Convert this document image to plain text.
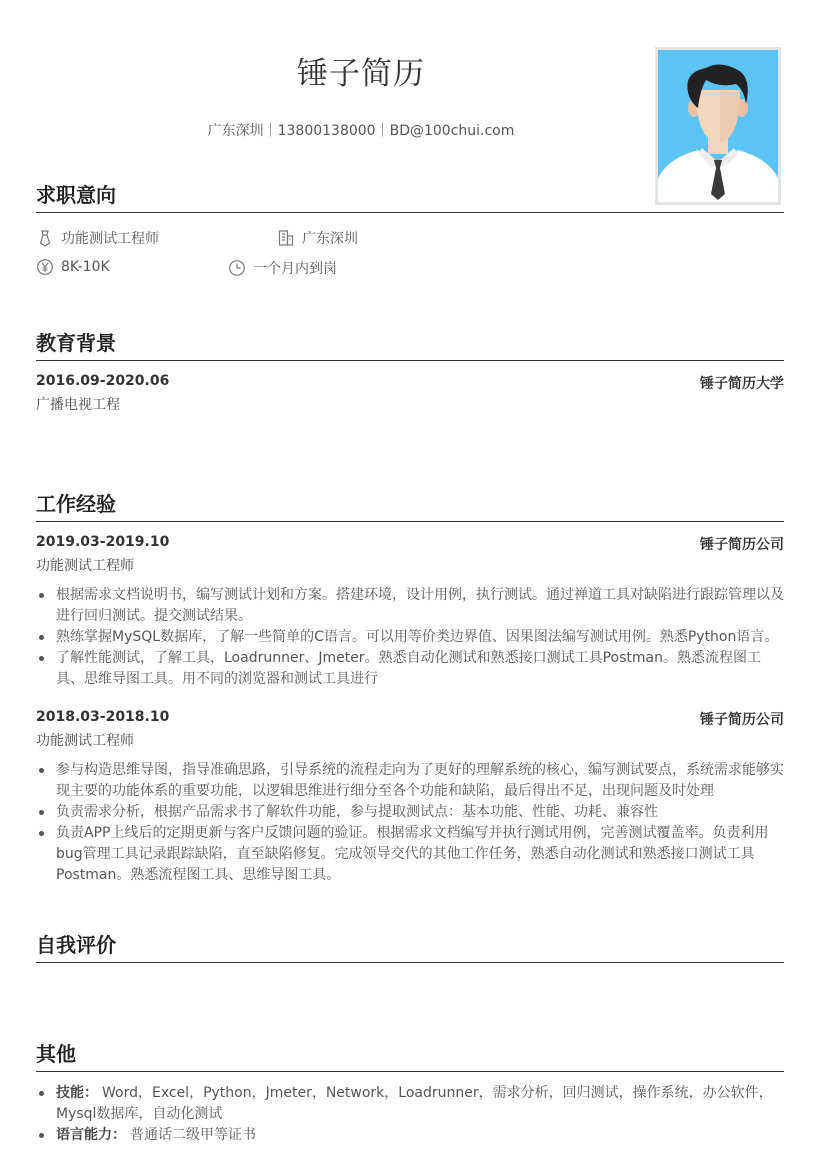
锤子简历
广东深圳｜13800138000｜BD@100chui.com
求职意向
功能测试工程师	广东深圳
8K-10K	一个月内到岗
教育背景
2016.09-2020.06	锤子简历大学
广播电视工程
工作经验
2019.03-2019.10	锤子简历公司
功能测试工程师
根据需求文档说明书，编写测试计划和方案。搭建环境，设计用例，执行测试。通过禅道工具对缺陷进行跟踪管理以及进行回归测试。提交测试结果。
熟练掌握MySQL数据库，了解一些简单的C语言。可以用等价类边界值、因果图法编写测试用例。熟悉Python语言。
了解性能测试，了解工具，Loadrunner、Jmeter。熟悉自动化测试和熟悉接口测试工具Postman。熟悉流程图工具、思维导图工具。用不同的浏览器和测试工具进行
2018.03-2018.10	锤子简历公司
功能测试工程师
参与构造思维导图，指导准确思路，引导系统的流程走向为了更好的理解系统的核心，编写测试要点，系统需求能够实现主要的功能体系的重要功能，以逻辑思维进行细分至各个功能和缺陷，最后得出不足，出现问题及时处理
负责需求分析，根据产品需求书了解软件功能，参与提取测试点：基本功能、性能、功耗、兼容性
负责APP上线后的定期更新与客户反馈问题的验证。根据需求文档编写并执行测试用例，完善测试覆盖率。负责利用bug管理工具记录跟踪缺陷，直至缺陷修复。完成领导交代的其他工作任务，熟悉自动化测试和熟悉接口测试工具Postman。熟悉流程图工具、思维导图工具。
自我评价
其他
技能： Word，Excel，Python，Jmeter，Network，Loadrunner，需求分析，回归测试，操作系统，办公软件，Mysql数据库，自动化测试
语言能力： 普通话二级甲等证书
